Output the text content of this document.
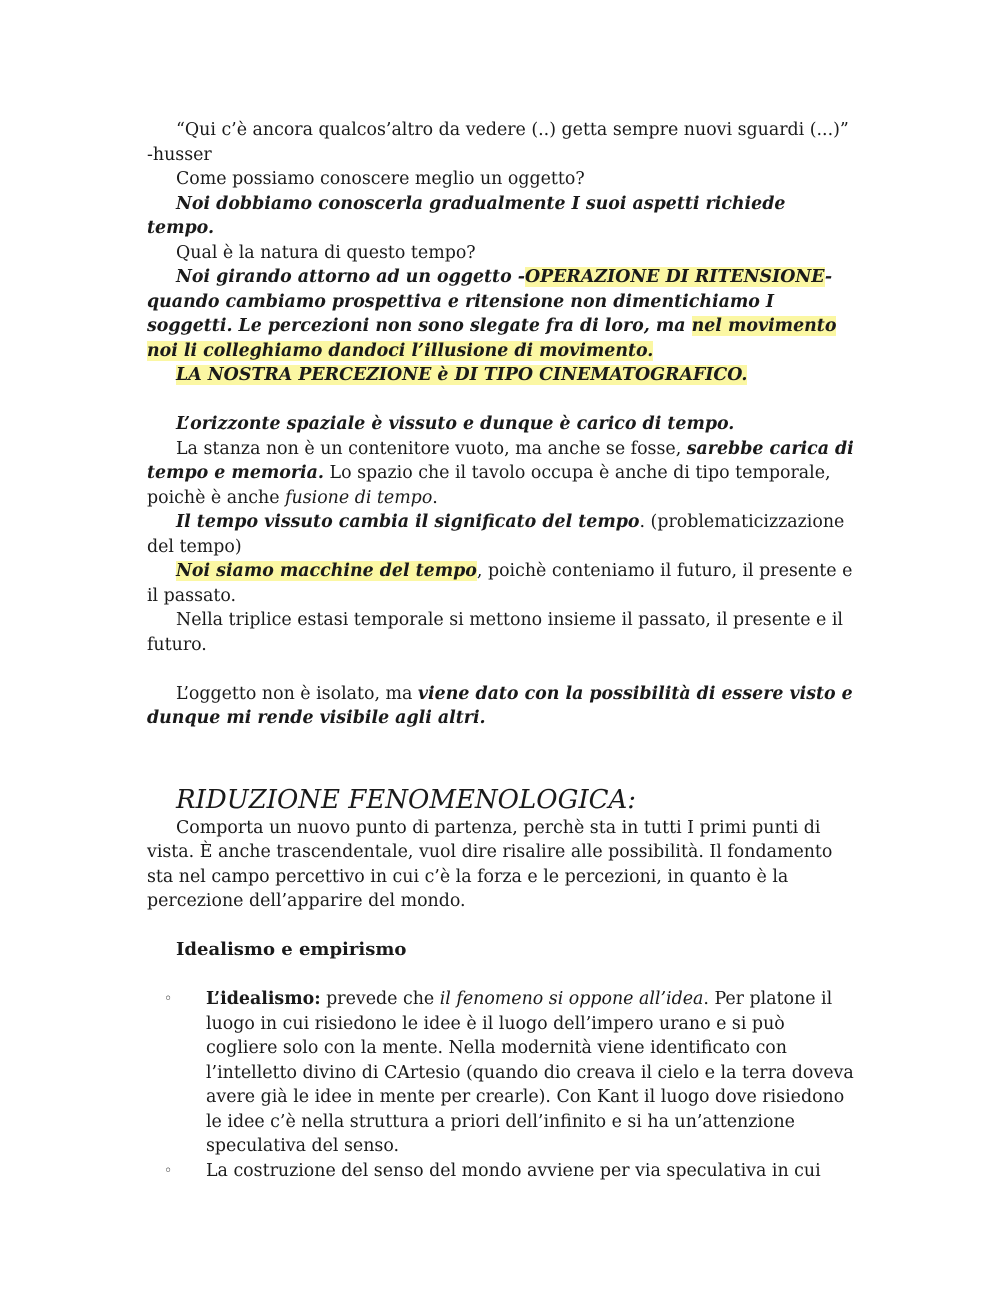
“Qui c’è ancora qualcos’altro da vedere (..) getta sempre nuovi sguardi (...)” -husser

Come possiamo conoscere meglio un oggetto?

Noi dobbiamo conoscerla gradualmente I suoi aspetti richiede tempo.

Qual è la natura di questo tempo?

Noi girando attorno ad un oggetto -OPERAZIONE DI RITENSIONE- quando cambiamo prospettiva e ritensione non dimentichiamo I soggetti. Le percezioni non sono slegate fra di loro, ma nel movimento noi li colleghiamo dandoci l’illusione di movimento.

LA NOSTRA PERCEZIONE è DI TIPO CINEMATOGRAFICO.

L’orizzonte spaziale è vissuto e dunque è carico di tempo.

La stanza non è un contenitore vuoto, ma anche se fosse, sarebbe carica di tempo e memoria. Lo spazio che il tavolo occupa è anche di tipo temporale, poichè è anche fusione di tempo.

Il tempo vissuto cambia il significato del tempo. (problematicizzazione del tempo)

Noi siamo macchine del tempo, poichè conteniamo il futuro, il presente e il passato.

Nella triplice estasi temporale si mettono insieme il passato, il presente e il futuro.

L’oggetto non è isolato, ma viene dato con la possibilità di essere visto e dunque mi rende visibile agli altri.

RIDUZIONE FENOMENOLOGICA:

Comporta un nuovo punto di partenza, perchè sta in tutti I primi punti di vista. È anche trascendentale, vuol dire risalire alle possibilità. Il fondamento sta nel campo percettivo in cui c’è la forza e le percezioni, in quanto è la percezione dell’apparire del mondo.

Idealismo e empirismo
◦ L’idealismo: prevede che il fenomeno si oppone all’idea. Per platone il luogo in cui risiedono le idee è il luogo dell’impero urano e si può cogliere solo con la mente. Nella modernità viene identificato con l’intelletto divino di CArtesio (quando dio creava il cielo e la terra doveva avere già le idee in mente per crearle). Con Kant il luogo dove risiedono le idee c’è nella struttura a priori dell’infinito e si ha un’attenzione speculativa del senso.
◦ La costruzione del senso del mondo avviene per via speculativa in cui
